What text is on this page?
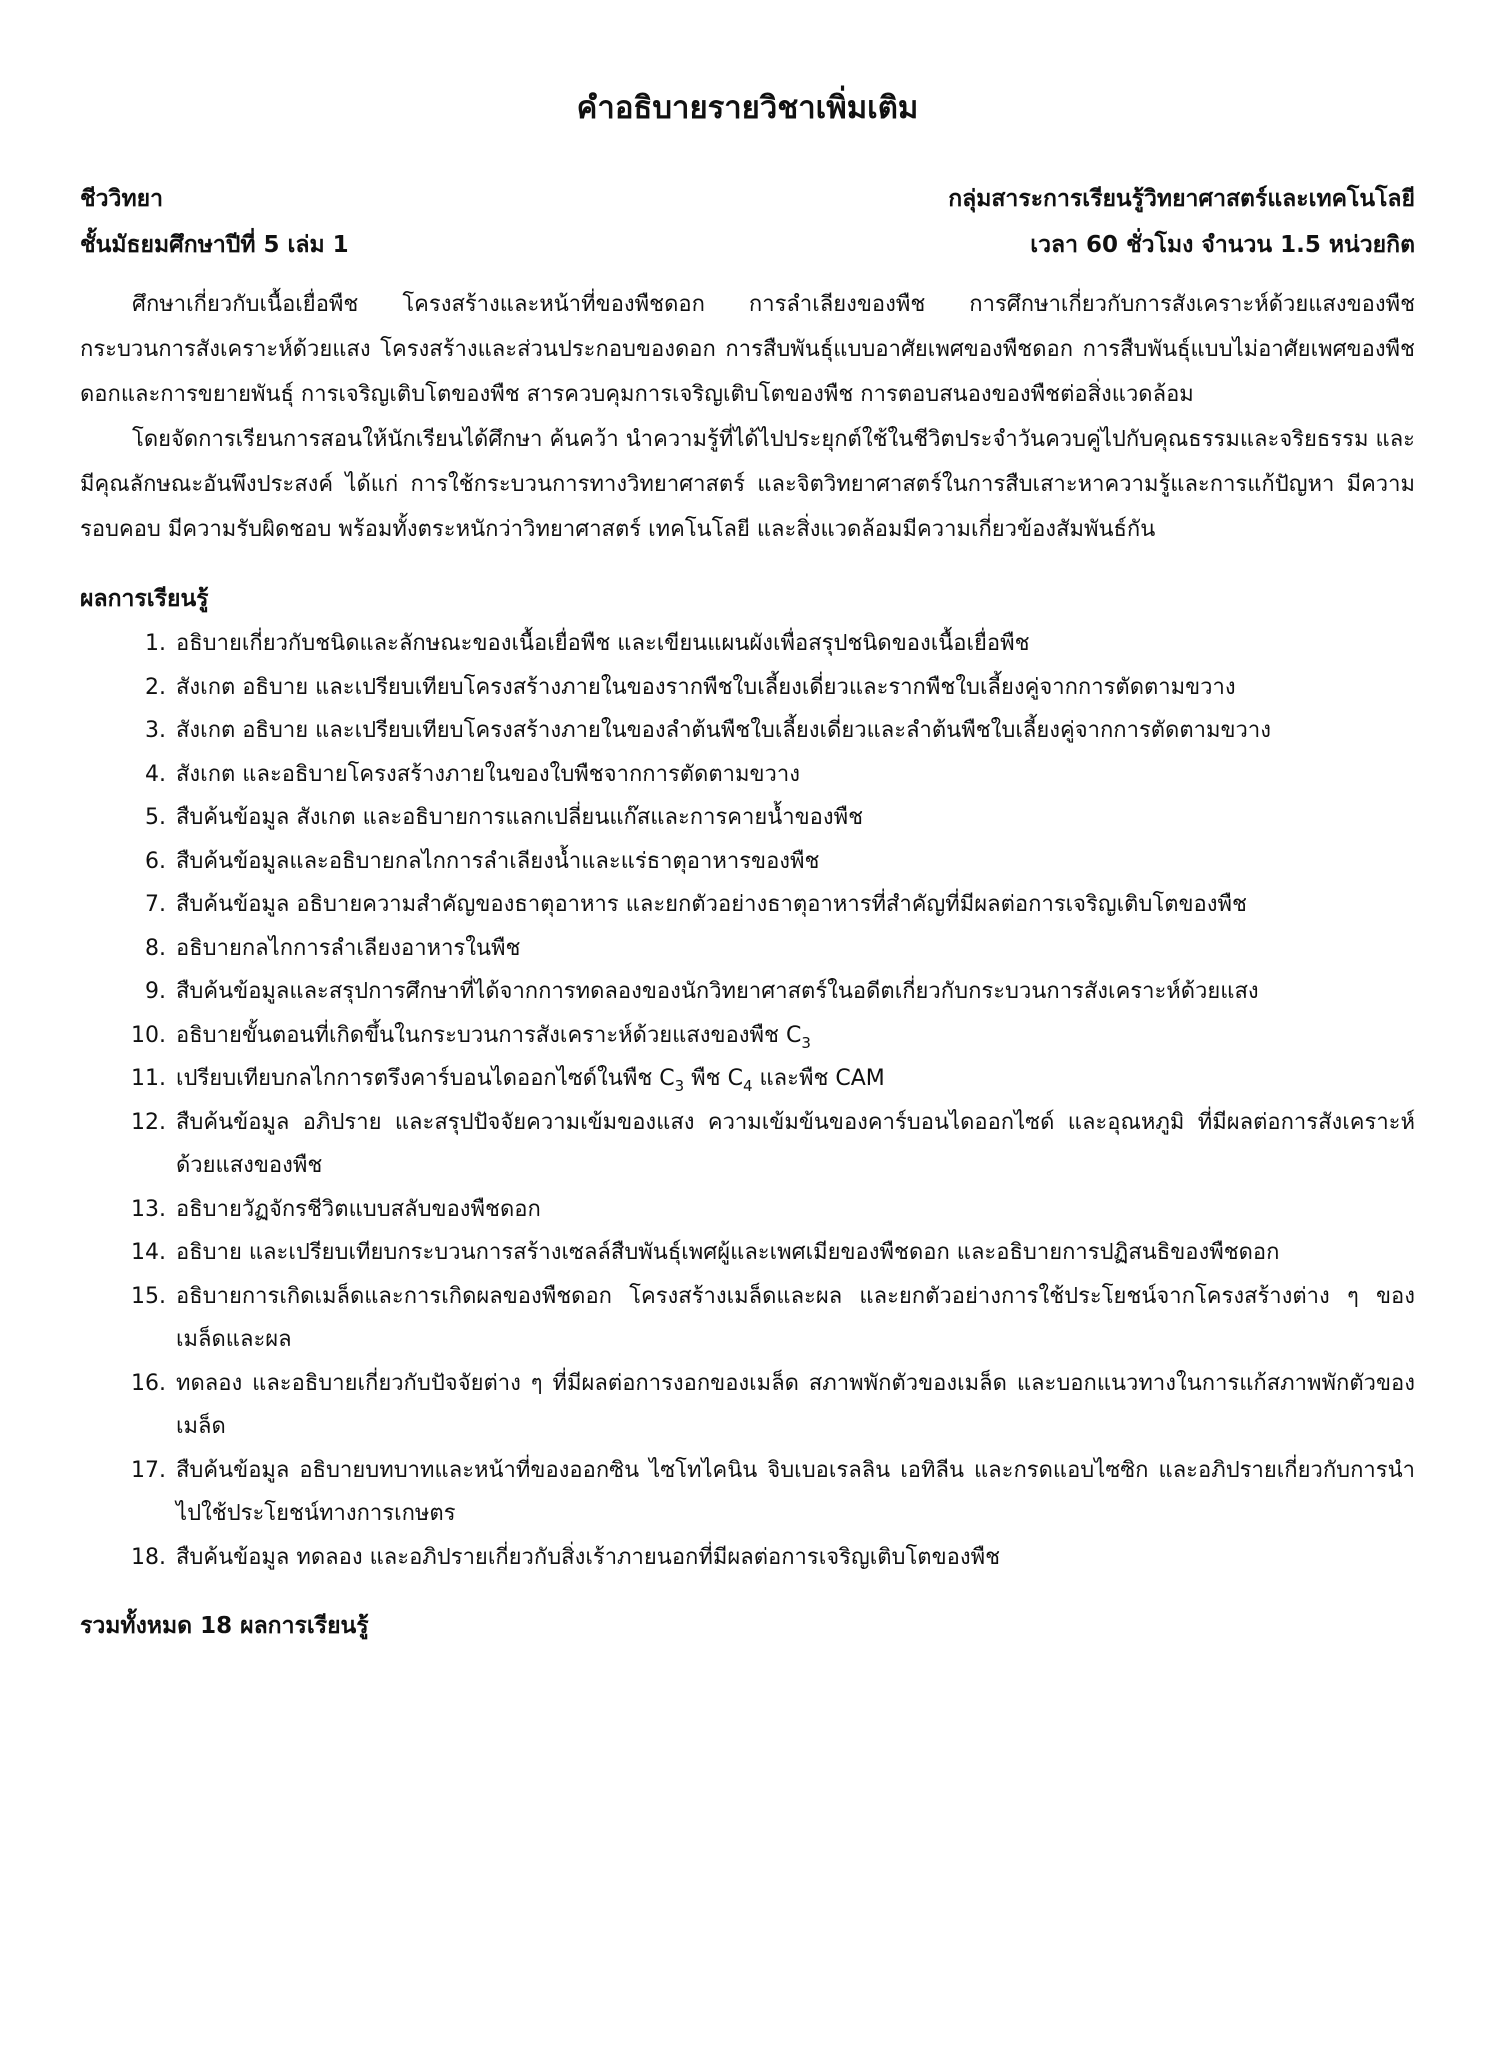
คำอธิบายรายวิชาเพิ่มเติม
ชีววิทยา	กลุ่มสาระการเรียนรู้วิทยาศาสตร์และเทคโนโลยี
ชั้นมัธยมศึกษาปีที่ 5 เล่ม 1	เวลา 60 ชั่วโมง จำนวน 1.5 หน่วยกิต

ศึกษาเกี่ยวกับเนื้อเยื่อพืช โครงสร้างและหน้าที่ของพืชดอก การลำเลียงของพืช การศึกษาเกี่ยวกับการสังเคราะห์ด้วยแสงของพืช กระบวนการสังเคราะห์ด้วยแสง โครงสร้างและส่วนประกอบของดอก การสืบพันธุ์แบบอาศัยเพศของพืชดอก การสืบพันธุ์แบบไม่อาศัยเพศของพืชดอกและการขยายพันธุ์ การเจริญเติบโตของพืช สารควบคุมการเจริญเติบโตของพืช การตอบสนองของพืชต่อสิ่งแวดล้อม

โดยจัดการเรียนการสอนให้นักเรียนได้ศึกษา ค้นคว้า นำความรู้ที่ได้ไปประยุกต์ใช้ในชีวิตประจำวันควบคู่ไปกับคุณธรรมและจริยธรรม และมีคุณลักษณะอันพึงประสงค์ ได้แก่ การใช้กระบวนการทางวิทยาศาสตร์ และจิตวิทยาศาสตร์ในการสืบเสาะหาความรู้และการแก้ปัญหา มีความรอบคอบ มีความรับผิดชอบ พร้อมทั้งตระหนักว่าวิทยาศาสตร์ เทคโนโลยี และสิ่งแวดล้อมมีความเกี่ยวข้องสัมพันธ์กัน

ผลการเรียนรู้
1. อธิบายเกี่ยวกับชนิดและลักษณะของเนื้อเยื่อพืช และเขียนแผนผังเพื่อสรุปชนิดของเนื้อเยื่อพืช
2. สังเกต อธิบาย และเปรียบเทียบโครงสร้างภายในของรากพืชใบเลี้ยงเดี่ยวและรากพืชใบเลี้ยงคู่จากการตัดตามขวาง
3. สังเกต อธิบาย และเปรียบเทียบโครงสร้างภายในของลำต้นพืชใบเลี้ยงเดี่ยวและลำต้นพืชใบเลี้ยงคู่จากการตัดตามขวาง
4. สังเกต และอธิบายโครงสร้างภายในของใบพืชจากการตัดตามขวาง
5. สืบค้นข้อมูล สังเกต และอธิบายการแลกเปลี่ยนแก๊สและการคายน้ำของพืช
6. สืบค้นข้อมูลและอธิบายกลไกการลำเลียงน้ำและแร่ธาตุอาหารของพืช
7. สืบค้นข้อมูล อธิบายความสำคัญของธาตุอาหาร และยกตัวอย่างธาตุอาหารที่สำคัญที่มีผลต่อการเจริญเติบโตของพืช
8. อธิบายกลไกการลำเลียงอาหารในพืช
9. สืบค้นข้อมูลและสรุปการศึกษาที่ได้จากการทดลองของนักวิทยาศาสตร์ในอดีตเกี่ยวกับกระบวนการสังเคราะห์ด้วยแสง
10. อธิบายขั้นตอนที่เกิดขึ้นในกระบวนการสังเคราะห์ด้วยแสงของพืช $C_3$
11. เปรียบเทียบกลไกการตรึงคาร์บอนไดออกไซด์ในพืช $C_3$ พืช $C_4$ และพืช CAM
12. สืบค้นข้อมูล อภิปราย และสรุปปัจจัยความเข้มของแสง ความเข้มข้นของคาร์บอนไดออกไซด์ และอุณหภูมิ ที่มีผลต่อการสังเคราะห์ด้วยแสงของพืช
13. อธิบายวัฏจักรชีวิตแบบสลับของพืชดอก
14. อธิบาย และเปรียบเทียบกระบวนการสร้างเซลล์สืบพันธุ์เพศผู้และเพศเมียของพืชดอก และอธิบายการปฏิสนธิของพืชดอก
15. อธิบายการเกิดเมล็ดและการเกิดผลของพืชดอก โครงสร้างเมล็ดและผล และยกตัวอย่างการใช้ประโยชน์จากโครงสร้างต่าง ๆ ของเมล็ดและผล
16. ทดลอง และอธิบายเกี่ยวกับปัจจัยต่าง ๆ ที่มีผลต่อการงอกของเมล็ด สภาพพักตัวของเมล็ด และบอกแนวทางในการแก้สภาพพักตัวของเมล็ด
17. สืบค้นข้อมูล อธิบายบทบาทและหน้าที่ของออกซิน ไซโทไคนิน จิบเบอเรลลิน เอทิลีน และกรดแอบไซซิก และอภิปรายเกี่ยวกับการนำไปใช้ประโยชน์ทางการเกษตร
18. สืบค้นข้อมูล ทดลอง และอภิปรายเกี่ยวกับสิ่งเร้าภายนอกที่มีผลต่อการเจริญเติบโตของพืช
รวมทั้งหมด 18 ผลการเรียนรู้
